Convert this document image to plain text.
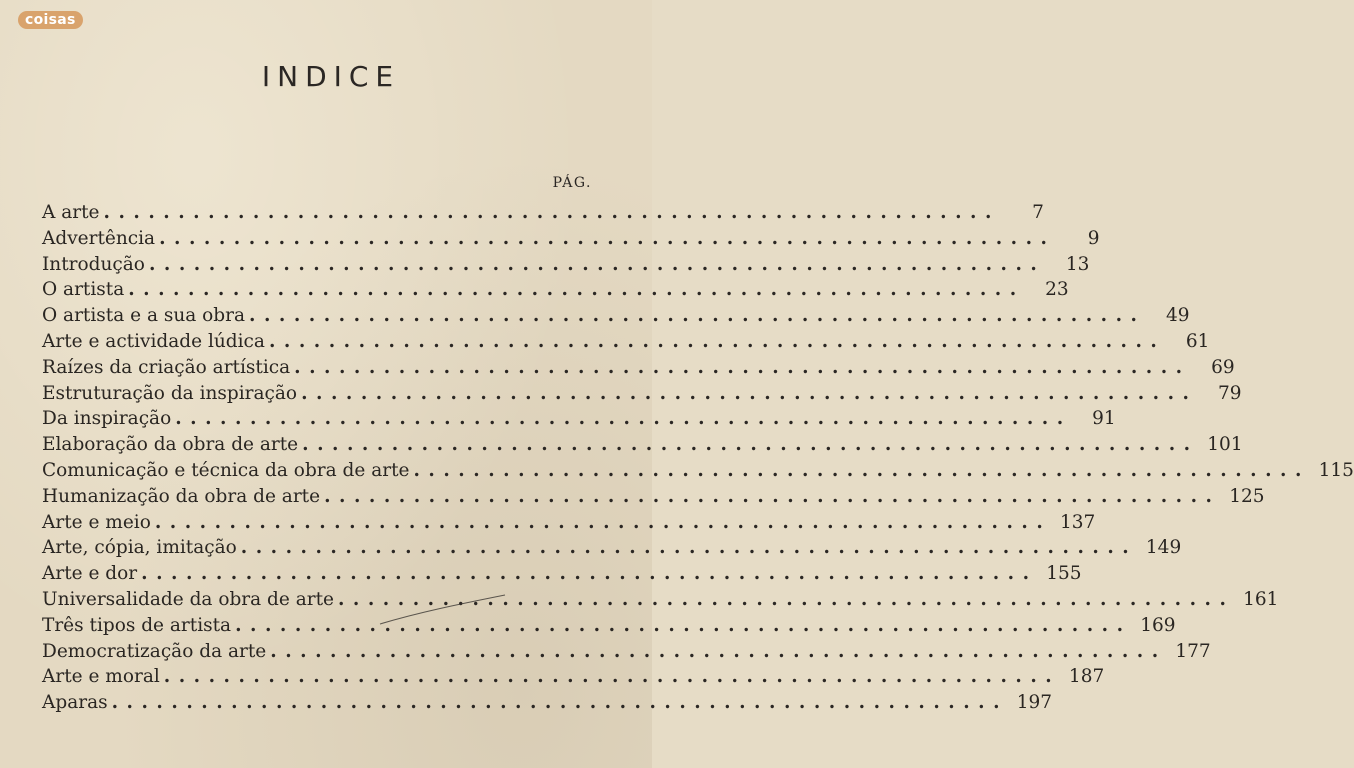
coisas
INDICE
PÁG.
A arte ............................................................	7
Advertência ............................................................	9
Introdução ............................................................	13
O artista ............................................................	23
O artista e a sua obra ............................................................	49
Arte e actividade lúdica ............................................................	61
Raízes da criação artística ............................................................	69
Estruturação da inspiração ............................................................	79
Da inspiração ............................................................	91
Elaboração da obra de arte ............................................................ 101
Comunicação e técnica da obra de arte ............................................................ 115
Humanização da obra de arte ............................................................ 125
Arte e meio ............................................................ 137
Arte, cópia, imitação ............................................................ 149
Arte e dor ............................................................ 155
Universalidade da obra de arte ............................................................ 161
Três tipos de artista ............................................................ 169
Democratização da arte ............................................................ 177
Arte e moral ............................................................ 187
Aparas ............................................................ 197
